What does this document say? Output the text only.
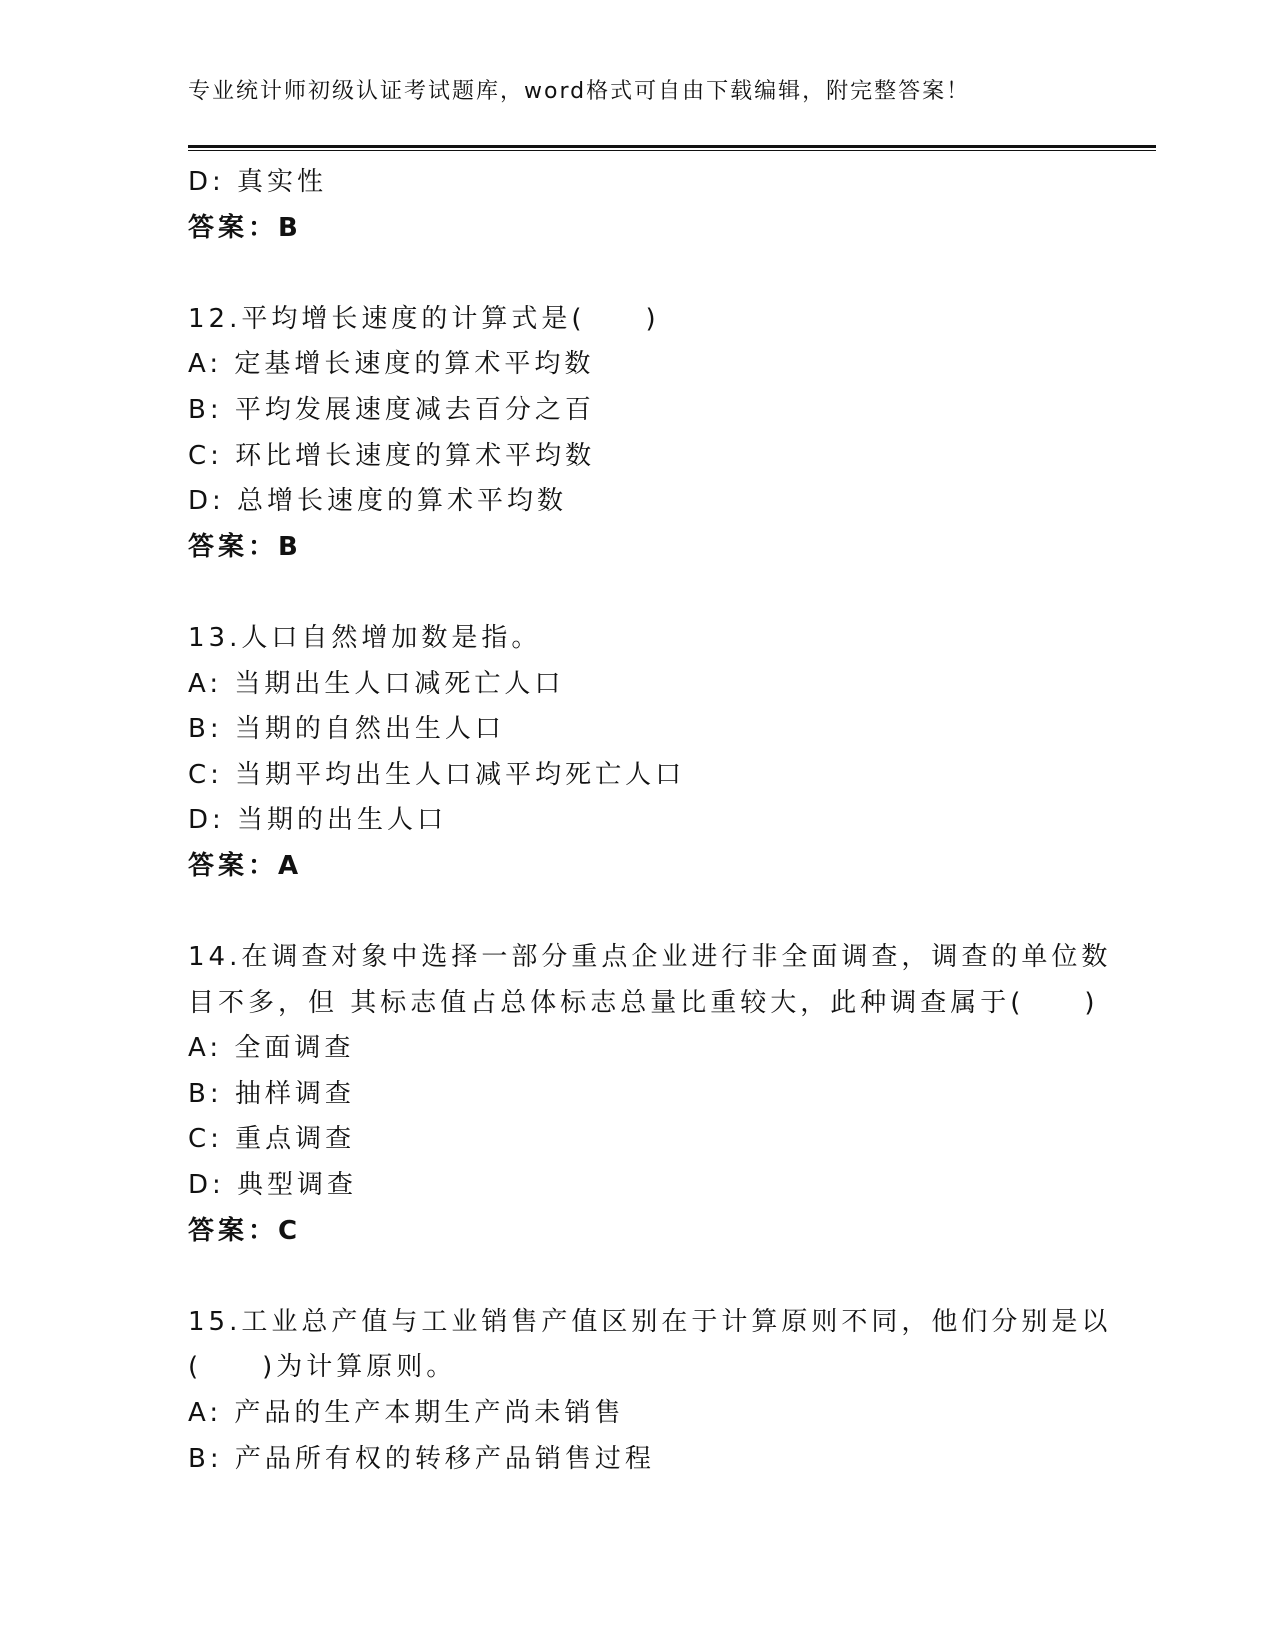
专业统计师初级认证考试题库，word格式可自由下载编辑，附完整答案！
D: 真实性
答案：B
12.平均增长速度的计算式是(　　)
A: 定基增长速度的算术平均数
B: 平均发展速度减去百分之百
C: 环比增长速度的算术平均数
D: 总增长速度的算术平均数
答案：B
13.人口自然增加数是指。
A: 当期出生人口减死亡人口
B: 当期的自然出生人口
C: 当期平均出生人口减平均死亡人口
D: 当期的出生人口
答案：A
14.在调查对象中选择一部分重点企业进行非全面调查，调查的单位数
目不多，但 其标志值占总体标志总量比重较大，此种调查属于(　　)
A: 全面调查
B: 抽样调查
C: 重点调查
D: 典型调查
答案：C
15.工业总产值与工业销售产值区别在于计算原则不同，他们分别是以
(　　)为计算原则。
A: 产品的生产本期生产尚未销售
B: 产品所有权的转移产品销售过程
